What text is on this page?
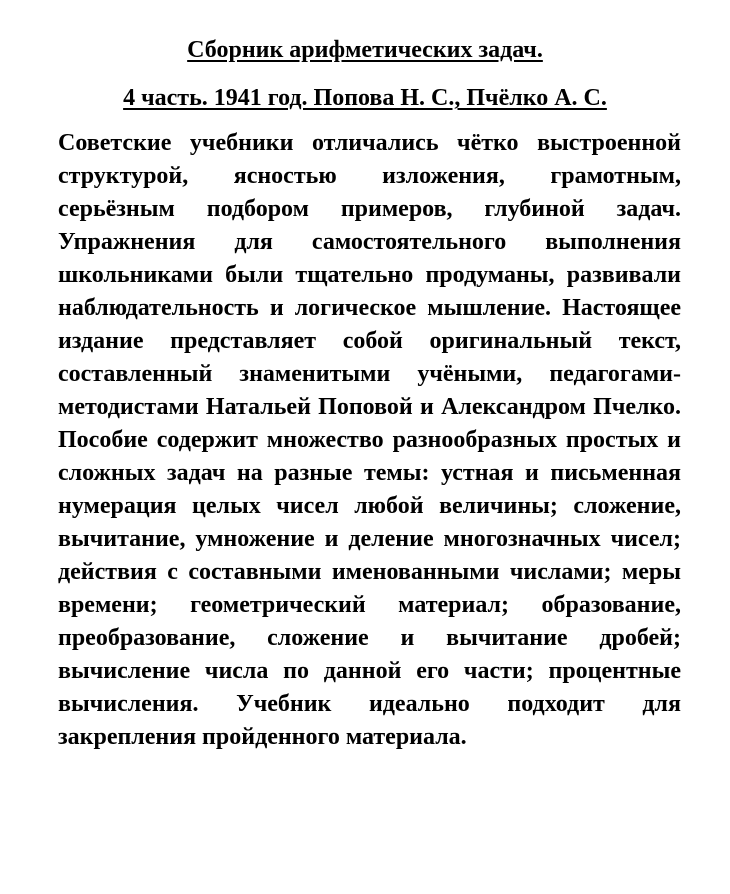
Сборник арифметических задач.
4 часть. 1941 год. Попова Н. С., Пчёлко А. С.

Советские учебники отличались чётко выстроенной структурой, ясностью изложения, грамотным, серьёзным подбором примеров, глубиной задач. Упражнения для самостоятельного выполнения школьниками были тщательно продуманы, развивали наблюдательность и логическое мышление. Настоящее издание представляет собой оригинальный текст, составленный знаменитыми учёными, педагогами-методистами Натальей Поповой и Александром Пчелко. Пособие содержит множество разнообразных простых и сложных задач на разные темы: устная и письменная нумерация целых чисел любой величины; сложение, вычитание, умножение и деление многозначных чисел; действия с составными именованными числами; меры времени; геометрический материал; образование, преобразование, сложение и вычитание дробей; вычисление числа по данной его части; процентные вычисления. Учебник идеально подходит для закрепления пройденного материала.
